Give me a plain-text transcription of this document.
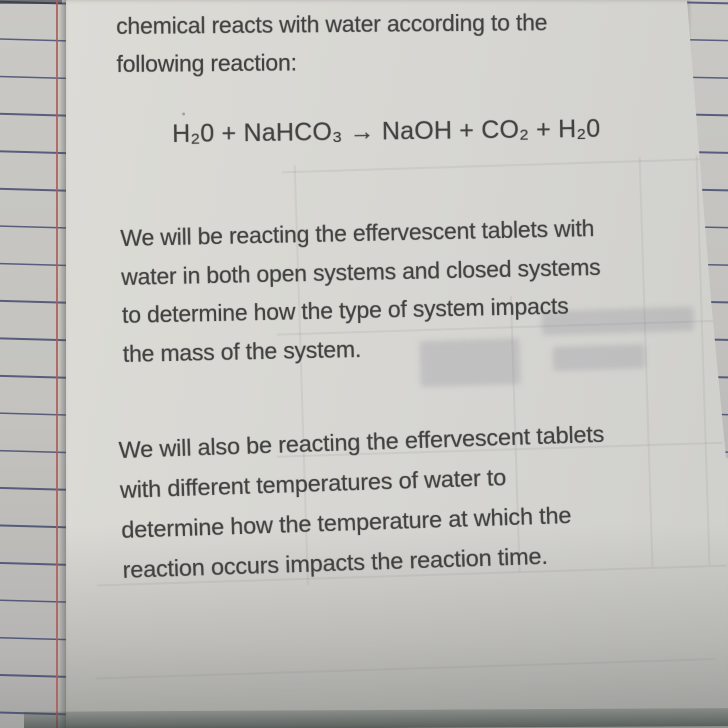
chemical reacts with water according to the
following reaction:
H₂0 + NaHCO₃ → NaOH + CO₂ + H₂0
We will be reacting the effervescent tablets with
water in both open systems and closed systems
to determine how the type of system impacts
the mass of the system.
We will also be reacting the effervescent tablets
with different temperatures of water to
determine how the temperature at which the
reaction occurs impacts the reaction time.
